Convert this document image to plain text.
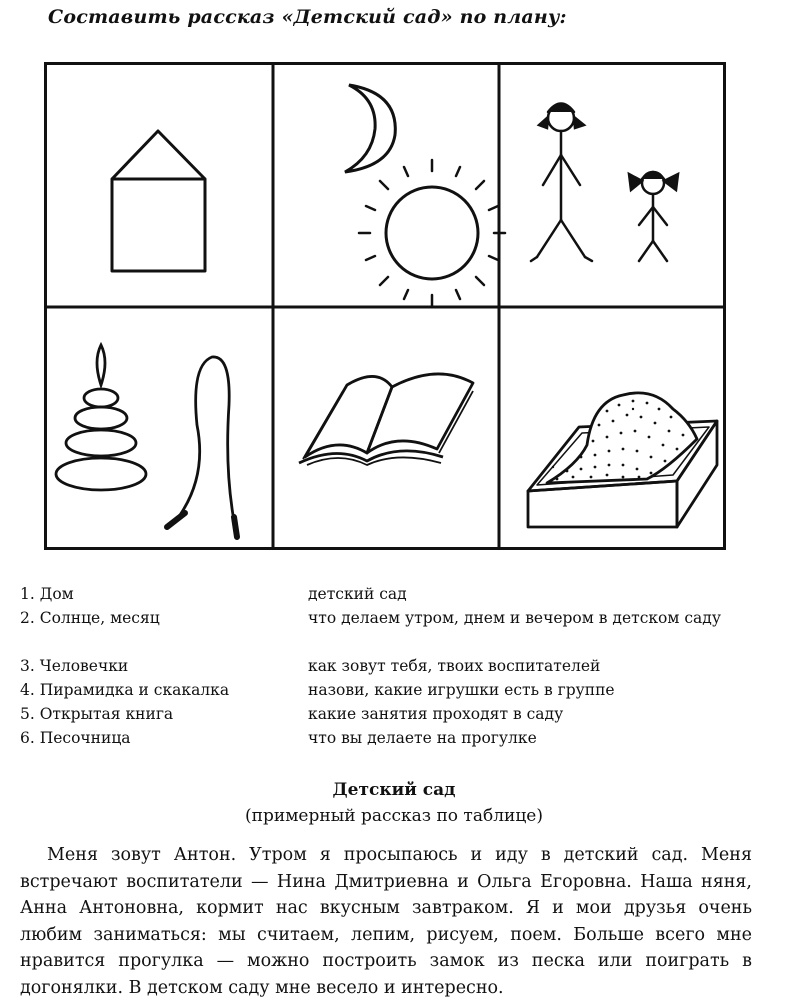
Составить рассказ «Детский сад» по плану:
1. Дом	детский сад
2. Солнце, месяц	что делаем утром, днем и вечером в детском саду
3. Человечки	как зовут тебя, твоих воспитателей
4. Пирамидка и скакалка	назови, какие игрушки есть в группе
5. Открытая книга	какие занятия проходят в саду
6. Песочница	что вы делаете на прогулке
Детский сад
(примерный рассказ по таблице)
Меня зовут Антон. Утром я просыпаюсь и иду в детский сад. Меня встречают воспитатели — Нина Дмитриевна и Ольга Егоровна. Наша няня, Анна Антоновна, кормит нас вкусным завтраком. Я и мои друзья очень любим заниматься: мы считаем, лепим, рисуем, поем. Больше всего мне нравится прогулка — можно построить замок из песка или поиграть в догонялки. В детском саду мне весело и интересно.
